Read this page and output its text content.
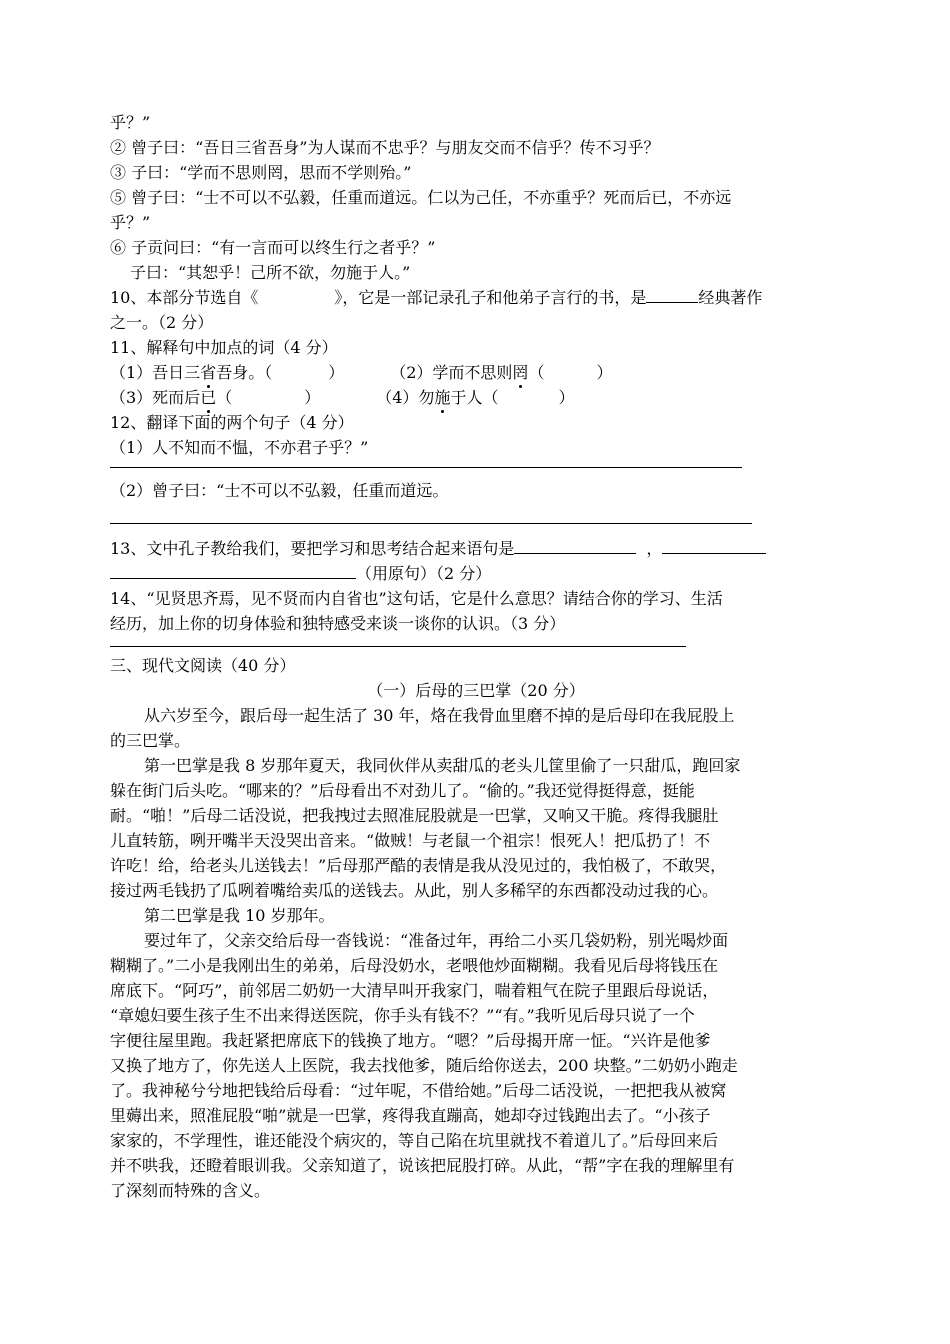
乎？”
② 曾子曰：“吾日三省吾身”为人谋而不忠乎？与朋友交而不信乎？传不习乎？
③ 子曰：“学而不思则罔，思而不学则殆。”
⑤ 曾子曰：“士不可以不弘毅，任重而道远。仁以为己任，不亦重乎？死而后已，不亦远
乎？”
⑥ 子贡问曰：“有一言而可以终生行之者乎？”
子曰：“其恕乎！己所不欲，勿施于人。”
10、本部分节选自《	》，它是一部记录孔子和他弟子言行的书，是	经典著作
之一。（2 分）
11、解释句中加点的词（4 分）
（1）吾日三省吾身。（	）	（2）学而不思则罔（	）
（3）死而后已（	）	（4）勿施于人（	）
12、翻译下面的两个句子（4 分）
（1）人不知而不愠，不亦君子乎？”
（2）曾子曰：“士不可以不弘毅，任重而道远。
13、文中孔子教给我们，要把学习和思考结合起来语句是	，
（用原句）（2 分）
14、“见贤思齐焉，见不贤而内自省也”这句话，它是什么意思？请结合你的学习、生活
经历，加上你的切身体验和独特感受来谈一谈你的认识。（3 分）
三、现代文阅读（40 分）
（一）后母的三巴掌（20 分）
从六岁至今，跟后母一起生活了 30 年，烙在我骨血里磨不掉的是后母印在我屁股上
的三巴掌。
第一巴掌是我 8 岁那年夏天，我同伙伴从卖甜瓜的老头儿筐里偷了一只甜瓜，跑回家
躲在街门后头吃。“哪来的？”后母看出不对劲儿了。“偷的。”我还觉得挺得意，挺能
耐。“啪！”后母二话没说，把我拽过去照准屁股就是一巴掌，又响又干脆。疼得我腿肚
儿直转筋，咧开嘴半天没哭出音来。“做贼！与老鼠一个祖宗！恨死人！把瓜扔了！不
许吃！给，给老头儿送钱去！”后母那严酷的表情是我从没见过的，我怕极了，不敢哭，
接过两毛钱扔了瓜咧着嘴给卖瓜的送钱去。从此，别人多稀罕的东西都没动过我的心。
第二巴掌是我 10 岁那年。
要过年了，父亲交给后母一沓钱说：“准备过年，再给二小买几袋奶粉，别光喝炒面
糊糊了。”二小是我刚出生的弟弟，后母没奶水，老喂他炒面糊糊。我看见后母将钱压在
席底下。“阿巧”，前邻居二奶奶一大清早叫开我家门，喘着粗气在院子里跟后母说话，
“章媳妇要生孩子生不出来得送医院，你手头有钱不？”“有。”我听见后母只说了一个
字便往屋里跑。我赶紧把席底下的钱换了地方。“嗯？”后母揭开席一怔。“兴许是他爹
又换了地方了，你先送人上医院，我去找他爹，随后给你送去，200 块整。”二奶奶小跑走
了。我神秘兮兮地把钱给后母看：“过年呢，不借给她。”后母二话没说，一把把我从被窝
里薅出来，照准屁股“啪”就是一巴掌，疼得我直蹦高，她却夺过钱跑出去了。“小孩子
家家的，不学理性，谁还能没个病灾的，等自己陷在坑里就找不着道儿了。”后母回来后
并不哄我，还瞪着眼训我。父亲知道了，说该把屁股打碎。从此，“帮”字在我的理解里有
了深刻而特殊的含义。
